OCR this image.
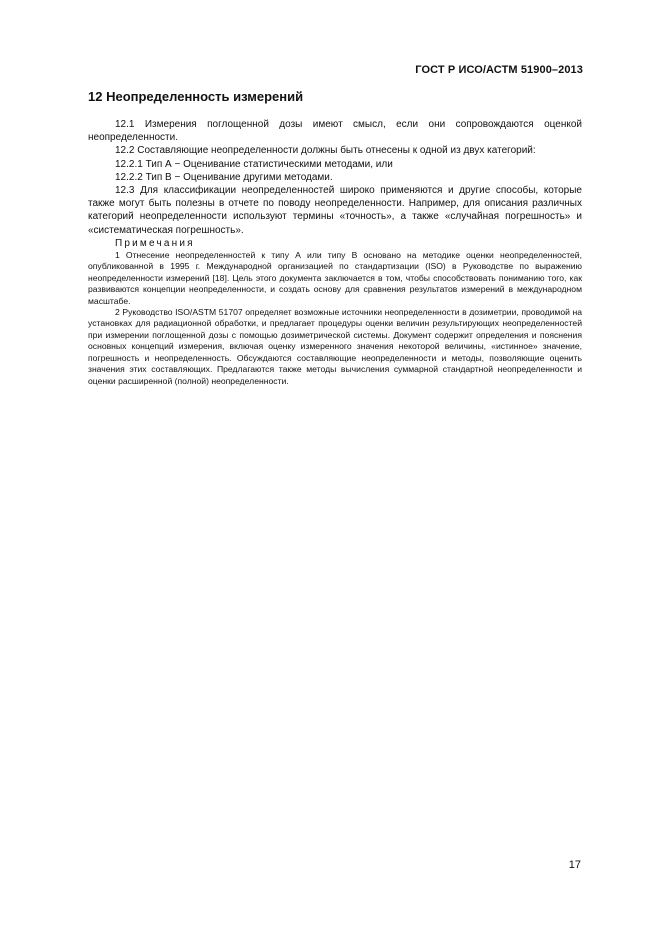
ГОСТ Р ИСО/АСТМ 51900–2013
12 Неопределенность измерений

12.1 Измерения поглощенной дозы имеют смысл, если они сопровождаются оценкой неопределенности.

12.2 Составляющие неопределенности должны быть отнесены к одной из двух категорий:

12.2.1 Тип А − Оценивание статистическими методами, или

12.2.2 Тип В − Оценивание другими методами.

12.3 Для классификации неопределенностей широко применяются и другие способы, которые также могут быть полезны в отчете по поводу неопределенности. Например, для описания различных категорий неопределенности используют термины «точность», а также «случайная погрешность» и «систематическая погрешность».

Примечания

1 Отнесение неопределенностей к типу А или типу В основано на методике оценки неопределенностей, опубликованной в 1995 г. Международной организацией по стандартизации (ISO) в Руководстве по выражению неопределенности измерений [18]. Цель этого документа заключается в том, чтобы способствовать пониманию того, как развиваются концепции неопределенности, и создать основу для сравнения результатов измерений в международном масштабе.

2 Руководство ISO/ASTM 51707 определяет возможные источники неопределенности в дозиметрии, проводимой на установках для радиационной обработки, и предлагает процедуры оценки величин результирующих неопределенностей при измерении поглощенной дозы с помощью дозиметрической системы. Документ содержит определения и пояснения основных концепций измерения, включая оценку измеренного значения некоторой величины, «истинное» значение, погрешность и неопределенность. Обсуждаются составляющие неопределенности и методы, позволяющие оценить значения этих составляющих. Предлагаются также методы вычисления суммарной стандартной неопределенности и оценки расширенной (полной) неопределенности.

17
